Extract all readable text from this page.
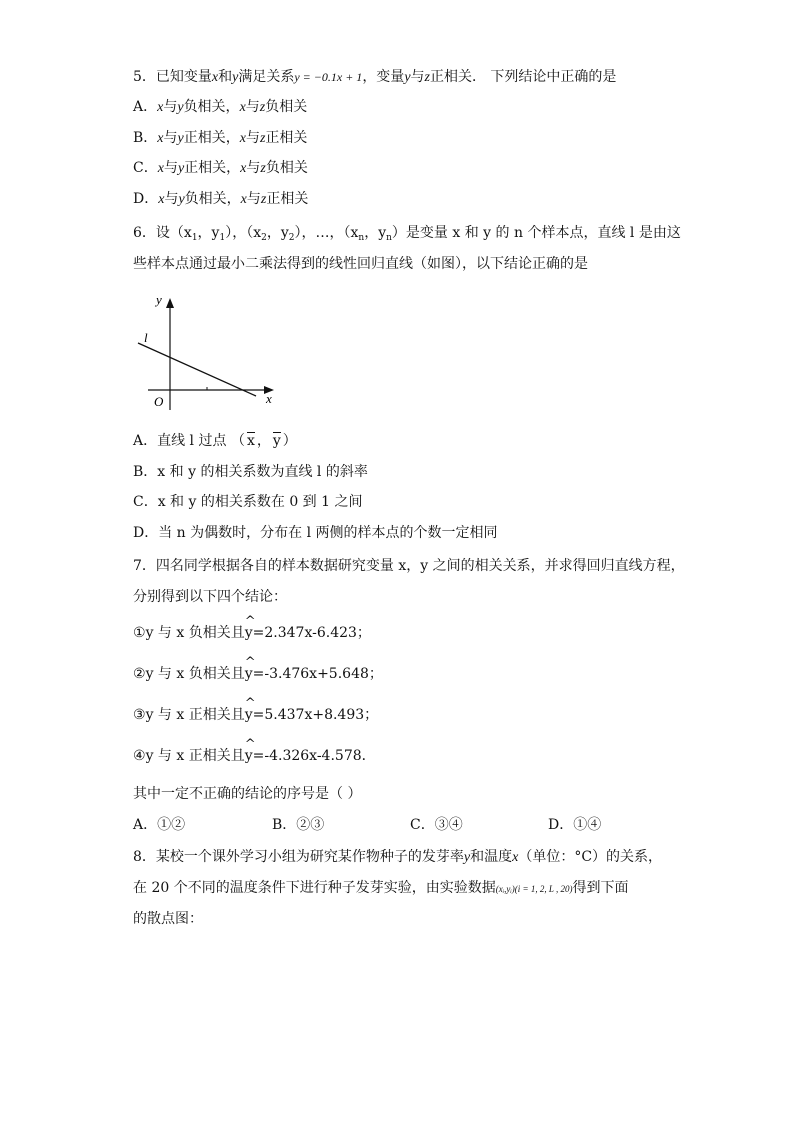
5．已知变量x和y满足关系y = −0.1x + 1，变量y与z正相关． 下列结论中正确的是
A．x与y负相关，x与z负相关
B．x与y正相关，x与z正相关
C．x与y正相关，x与z负相关
D．x与y负相关，x与z正相关
6．设（$x_1$，$y_1$），（$x_2$，$y_2$），…，（$x_n$，$y_n$）是变量 x 和 y 的 n 个样本点，直线 l 是由这
些样本点通过最小二乘法得到的线性回归直线（如图），以下结论正确的是
y
x
O
l
A．直线 l 过点 （ x ， y ）
B．x 和 y 的相关系数为直线 l 的斜率
C．x 和 y 的相关系数在 0 到 1 之间
D．当 n 为偶数时，分布在 l 两侧的样本点的个数一定相同
7．四名同学根据各自的样本数据研究变量 x，y 之间的相关关系，并求得回归直线方程，
分别得到以下四个结论：
①y 与 x 负相关且^ y=2.347x-6.423；
②y 与 x 负相关且^ y=-3.476x+5.648；
③y 与 x 正相关且^ y=5.437x+8.493；
④y 与 x 正相关且^ y=-4.326x-4.578．
其中一定不正确的结论的序号是（ ）
A．①②	B．②③	C．③④	D．①④
8．某校一个课外学习小组为研究某作物种子的发芽率y和温度x（单位：°C）的关系，
在 20 个不同的温度条件下进行种子发芽实验，由实验数据(xᵢ,yᵢ)(i = 1, 2, L , 20)得到下面
的散点图：
